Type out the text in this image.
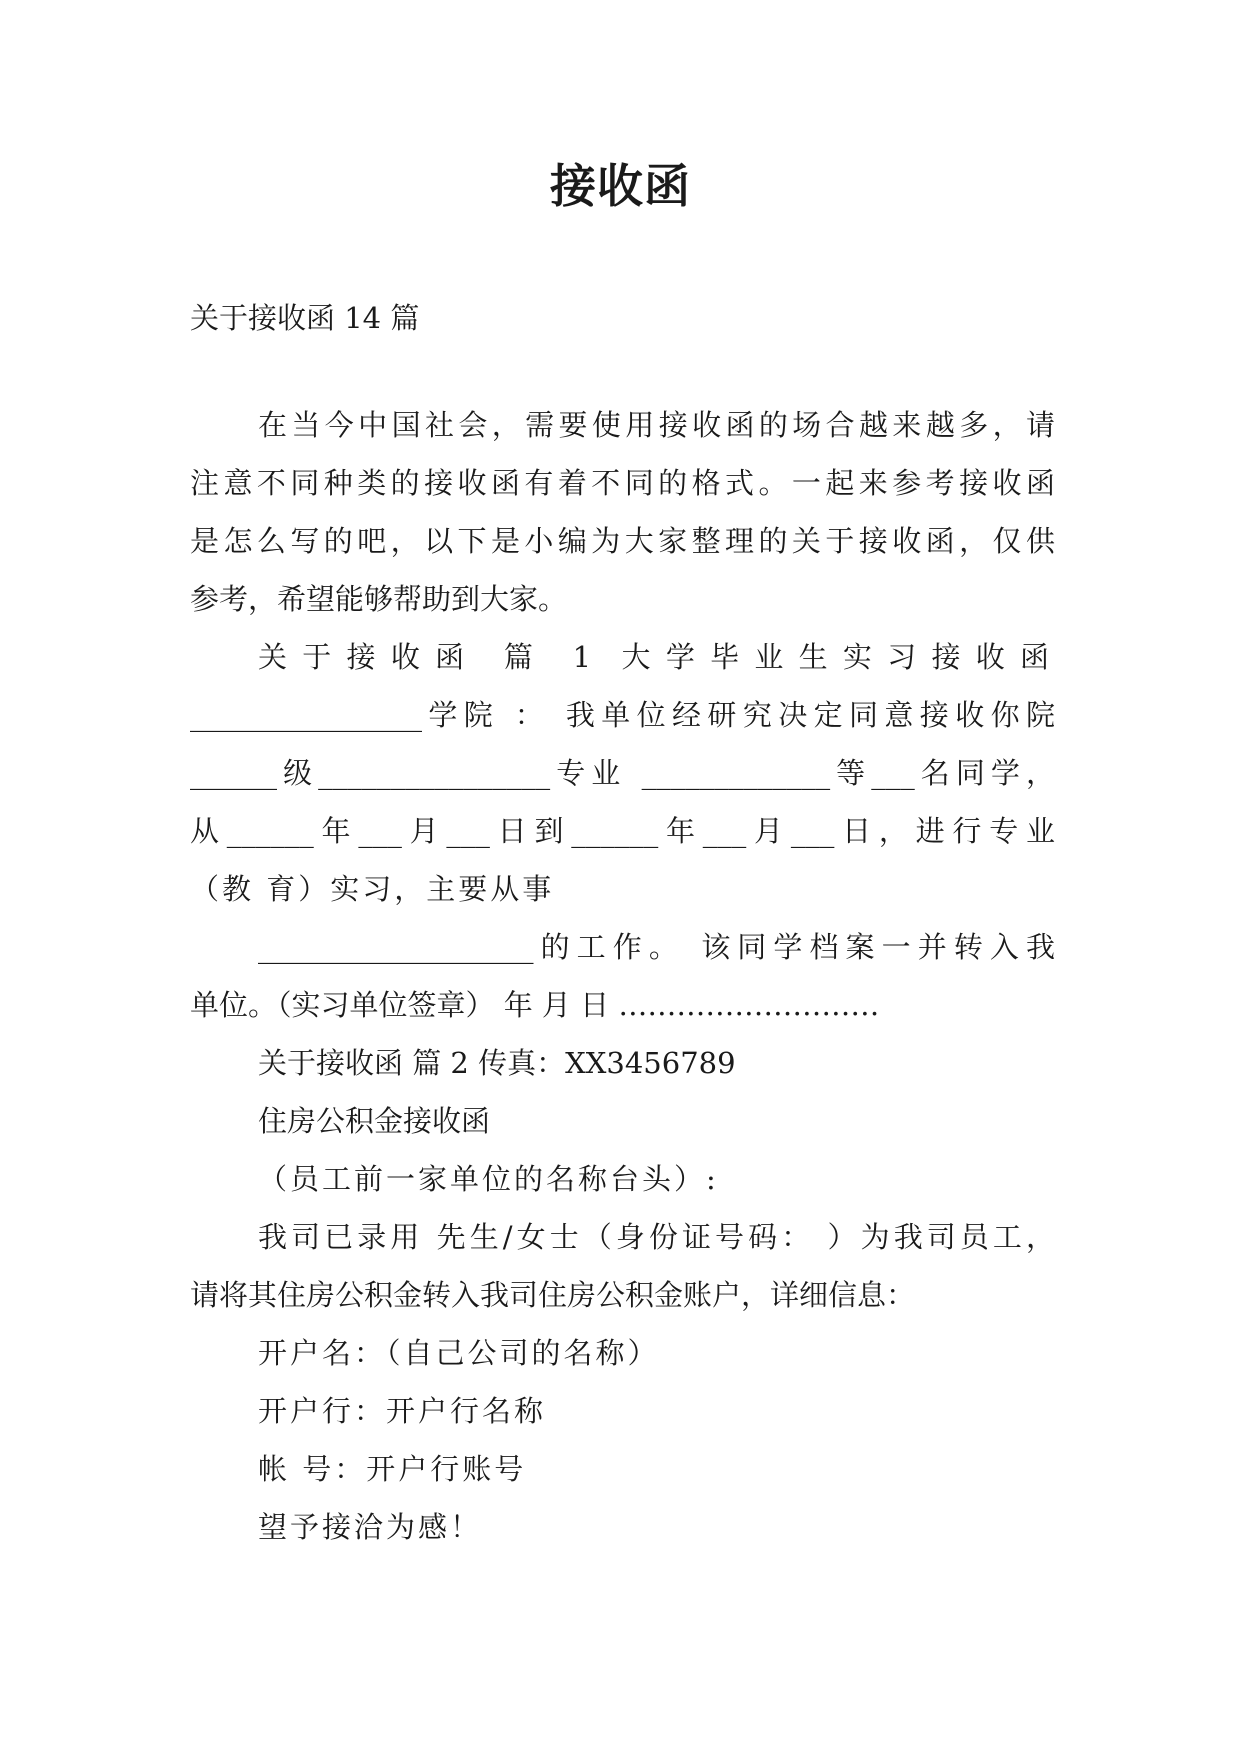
接收函
关于接收函 14 篇
在当今中国社会，需要使用接收函的场合越来越多，请
注意不同种类的接收函有着不同的格式。一起来参考接收函
是怎么写的吧，以下是小编为大家整理的关于接收函，仅供
参考，希望能够帮助到大家。
关于接收函 篇 1 大学毕业生实习接收函
________________学院 ： 我单位经研究决定同意接收你院
______级________________专业 _____________等___名同学，
从______年___月___日到______年___月___日，进行专业
（教 育）实习，主要从事
___________________的工作。 该同学档案一并转入我
单位。（实习单位签章） 年 月 日 ………………………
关于接收函 篇 2 传真：XX3456789
住房公积金接收函
（员工前一家单位的名称台头）:
我司已录用 先生/女士（身份证号码： ）为我司员工，
请将其住房公积金转入我司住房公积金账户，详细信息：
开户名：（自己公司的名称）
开户行：开户行名称
帐 号：开户行账号
望予接洽为感！
